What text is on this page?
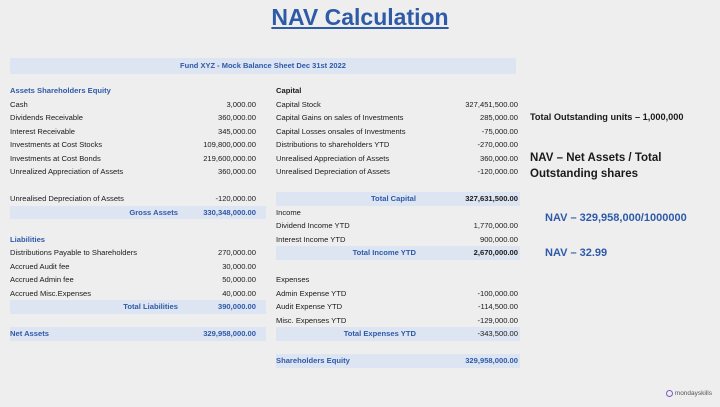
NAV Calculation
Fund XYZ - Mock Balance Sheet Dec 31st 2022
Assets Shareholders Equity
Cash	3,000.00
Dividends Receivable	360,000.00
Interest Receivable	345,000.00
Investments at Cost Stocks	109,800,000.00
Investments at Cost Bonds	219,600,000.00
Unrealized Appreciation of Assets	360,000.00
Unrealised Depreciation of Assets	-120,000.00
Gross Assets	330,348,000.00
Liabilities
Distributions Payable to Shareholders	270,000.00
Accrued Audit fee	30,000.00
Accrued Admin fee	50,000.00
Accrued Misc.Expenses	40,000.00
Total Liabilities	390,000.00
Net Assets	329,958,000.00
Capital
Capital Stock	327,451,500.00
Capital Gains on sales of Investments	285,000.00
Capital Losses onsales of Investments	-75,000.00
Distributions to shareholders YTD	-270,000.00
Unrealised Appreciation of Assets	360,000.00
Unrealised Depreciation of Assets	-120,000.00
Total Capital	327,631,500.00
Income
Dividend Income YTD	1,770,000.00
Interest Income YTD	900,000.00
Total Income YTD	2,670,000.00
Expenses
Admin Expense YTD	-100,000.00
Audit Expense YTD	-114,500.00
Misc. Expenses YTD	-129,000.00
Total Expenses YTD	-343,500.00
Shareholders Equity	329,958,000.00
Total Outstanding units – 1,000,000
NAV – Net Assets / Total Outstanding shares
NAV – 329,958,000/1000000
NAV – 32.99
mondayskills
